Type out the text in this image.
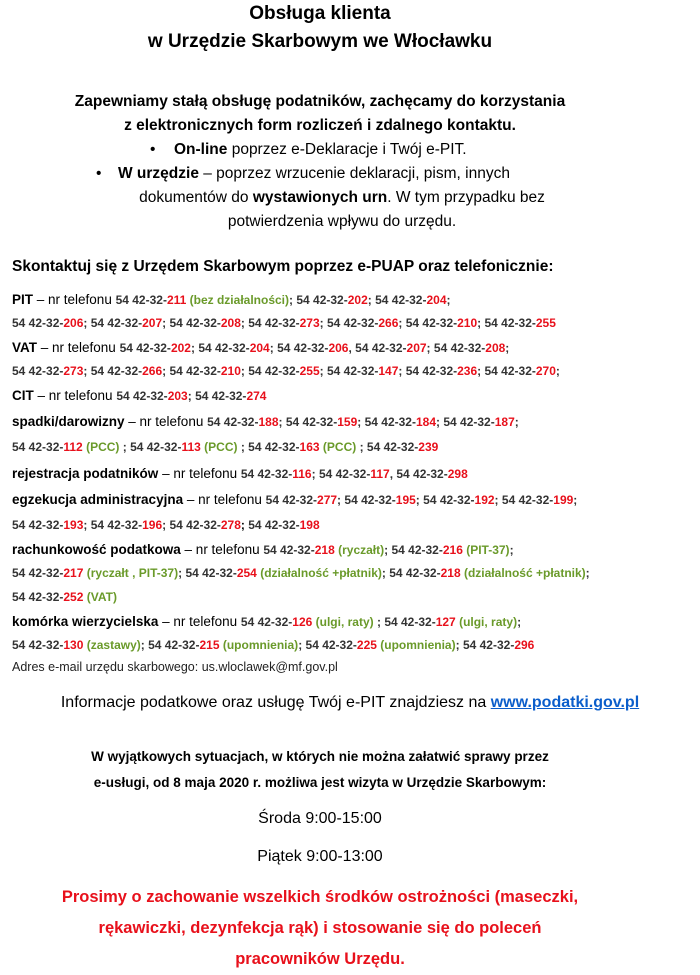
Obsługa klienta
w Urzędzie Skarbowym we Włocławku
Zapewniamy stałą obsługę podatników, zachęcamy do korzystania
z elektronicznych form rozliczeń i zdalnego kontaktu.
• On-line poprzez e-Deklaracje i Twój e-PIT.
• W urzędzie – poprzez wrzucenie deklaracji, pism, innych
dokumentów do wystawionych urn. W tym przypadku bez
potwierdzenia wpływu do urzędu.
Skontaktuj się z Urzędem Skarbowym poprzez e-PUAP oraz telefonicznie:
PIT – nr telefonu 54 42-32-211 (bez działalności); 54 42-32-202; 54 42-32-204;
54 42-32-206; 54 42-32-207; 54 42-32-208; 54 42-32-273; 54 42-32-266; 54 42-32-210; 54 42-32-255
VAT – nr telefonu 54 42-32-202; 54 42-32-204; 54 42-32-206, 54 42-32-207; 54 42-32-208;
54 42-32-273; 54 42-32-266; 54 42-32-210; 54 42-32-255; 54 42-32-147; 54 42-32-236; 54 42-32-270;
CIT – nr telefonu 54 42-32-203; 54 42-32-274
spadki/darowizny – nr telefonu 54 42-32-188; 54 42-32-159; 54 42-32-184; 54 42-32-187;
54 42-32-112 (PCC) ; 54 42-32-113 (PCC) ; 54 42-32-163 (PCC) ; 54 42-32-239
rejestracja podatników – nr telefonu 54 42-32-116; 54 42-32-117, 54 42-32-298
egzekucja administracyjna – nr telefonu 54 42-32-277; 54 42-32-195; 54 42-32-192; 54 42-32-199;
54 42-32-193; 54 42-32-196; 54 42-32-278; 54 42-32-198
rachunkowość podatkowa – nr telefonu 54 42-32-218 (ryczałt); 54 42-32-216 (PIT-37);
54 42-32-217 (ryczałt , PIT-37); 54 42-32-254 (działalność +płatnik); 54 42-32-218 (działalność +płatnik);
54 42-32-252 (VAT)
komórka wierzycielska – nr telefonu 54 42-32-126 (ulgi, raty) ; 54 42-32-127 (ulgi, raty);
54 42-32-130 (zastawy); 54 42-32-215 (upomnienia); 54 42-32-225 (upomnienia); 54 42-32-296
Adres e-mail urzędu skarbowego: us.wloclawek@mf.gov.pl
Informacje podatkowe oraz usługę Twój e-PIT znajdziesz na www.podatki.gov.pl
W wyjątkowych sytuacjach, w których nie można załatwić sprawy przez
e-usługi, od 8 maja 2020 r. możliwa jest wizyta w Urzędzie Skarbowym:
Środa 9:00-15:00
Piątek 9:00-13:00
Prosimy o zachowanie wszelkich środków ostrożności (maseczki,
rękawiczki, dezynfekcja rąk) i stosowanie się do poleceń
pracowników Urzędu.
